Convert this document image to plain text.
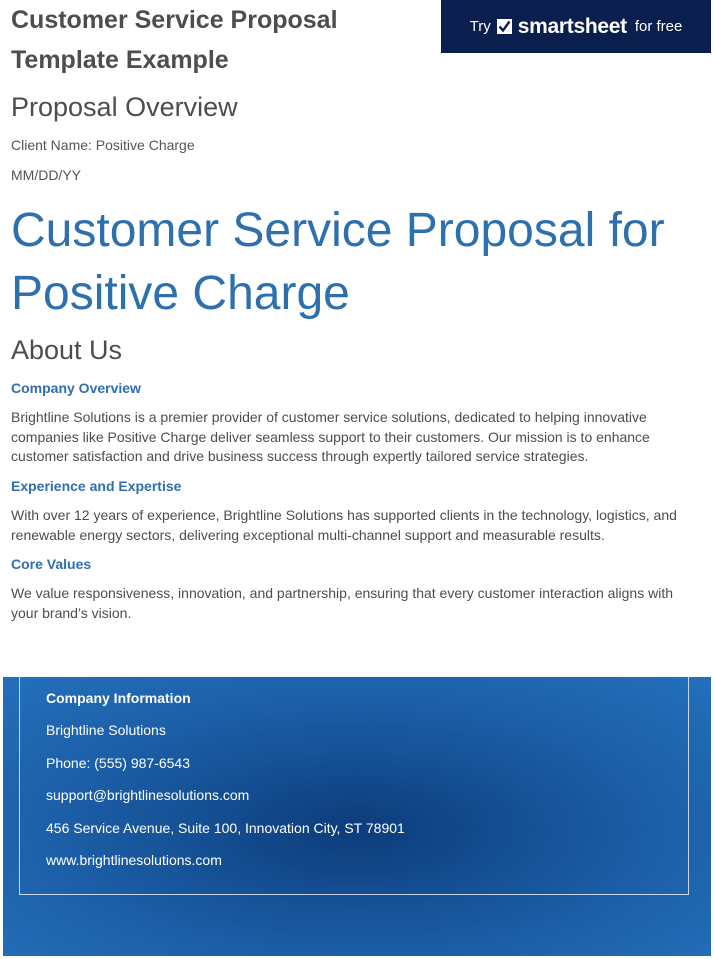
Customer Service Proposal Template Example
Try smartsheet for free
Proposal Overview
Client Name: Positive Charge
MM/DD/YY
Customer Service Proposal for Positive Charge
About Us
Company Overview

Brightline Solutions is a premier provider of customer service solutions, dedicated to helping innovative companies like Positive Charge deliver seamless support to their customers. Our mission is to enhance customer satisfaction and drive business success through expertly tailored service strategies.

Experience and Expertise

With over 12 years of experience, Brightline Solutions has supported clients in the technology, logistics, and renewable energy sectors, delivering exceptional multi-channel support and measurable results.

Core Values

We value responsiveness, innovation, and partnership, ensuring that every customer interaction aligns with your brand’s vision.

Company Information
Brightline Solutions
Phone: (555) 987-6543
support@brightlinesolutions.com
456 Service Avenue, Suite 100, Innovation City, ST 78901
www.brightlinesolutions.com
